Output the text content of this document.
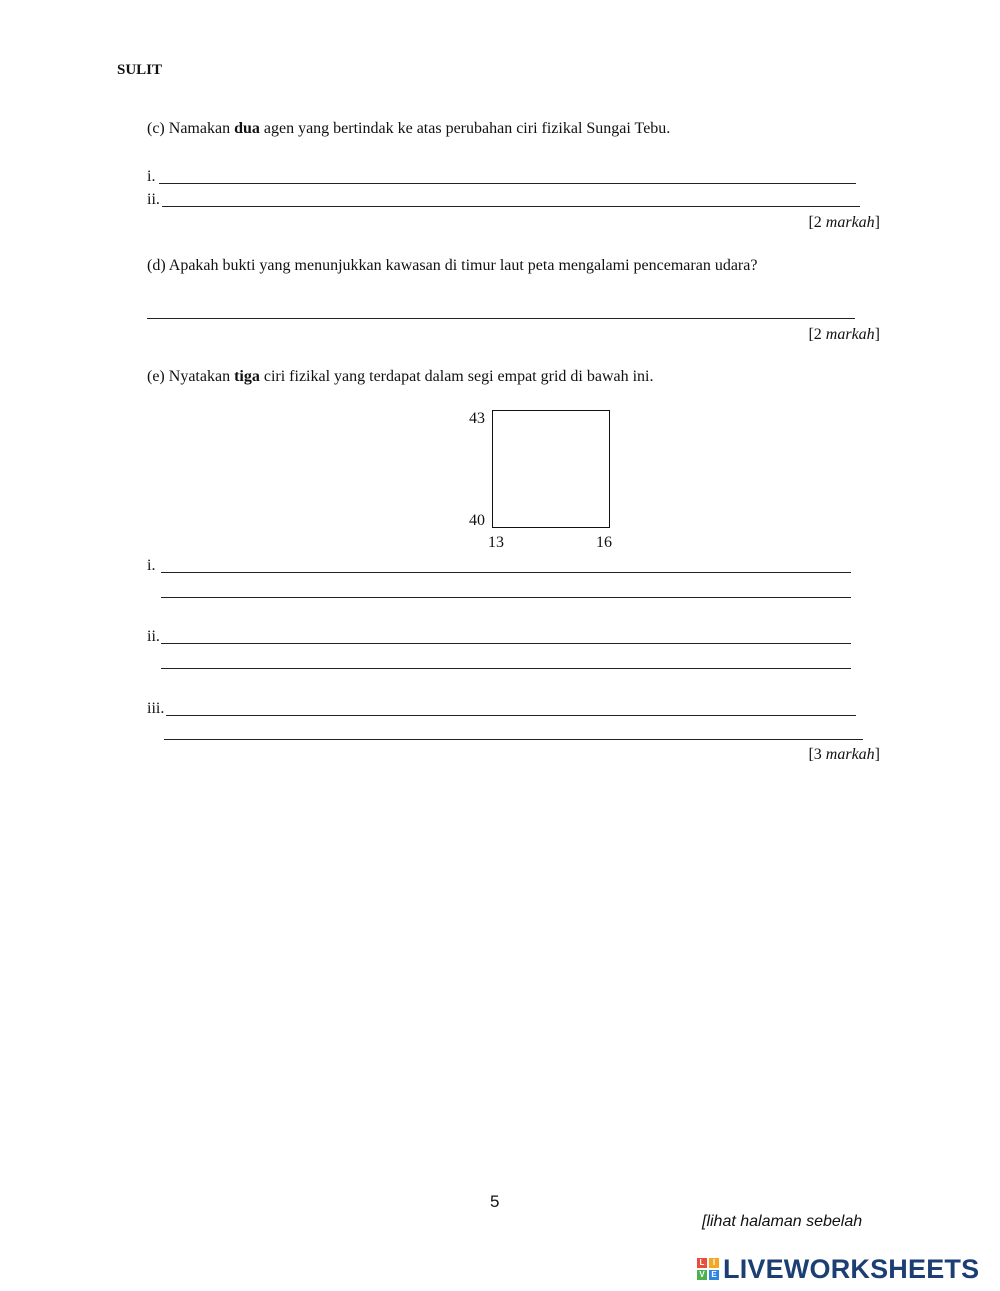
SULIT
(c) Namakan dua agen yang bertindak ke atas perubahan ciri fizikal Sungai Tebu.
i.
ii.
[2 markah]
(d) Apakah bukti yang menunjukkan kawasan di timur laut peta mengalami pencemaran udara?
[2 markah]
(e) Nyatakan tiga ciri fizikal yang terdapat dalam segi empat grid di bawah ini.
43
40
13	16
i.
ii.
iii.
[3 markah]
5
[lihat halaman sebelah
L	I
V E LIVEWORKSHEETS
